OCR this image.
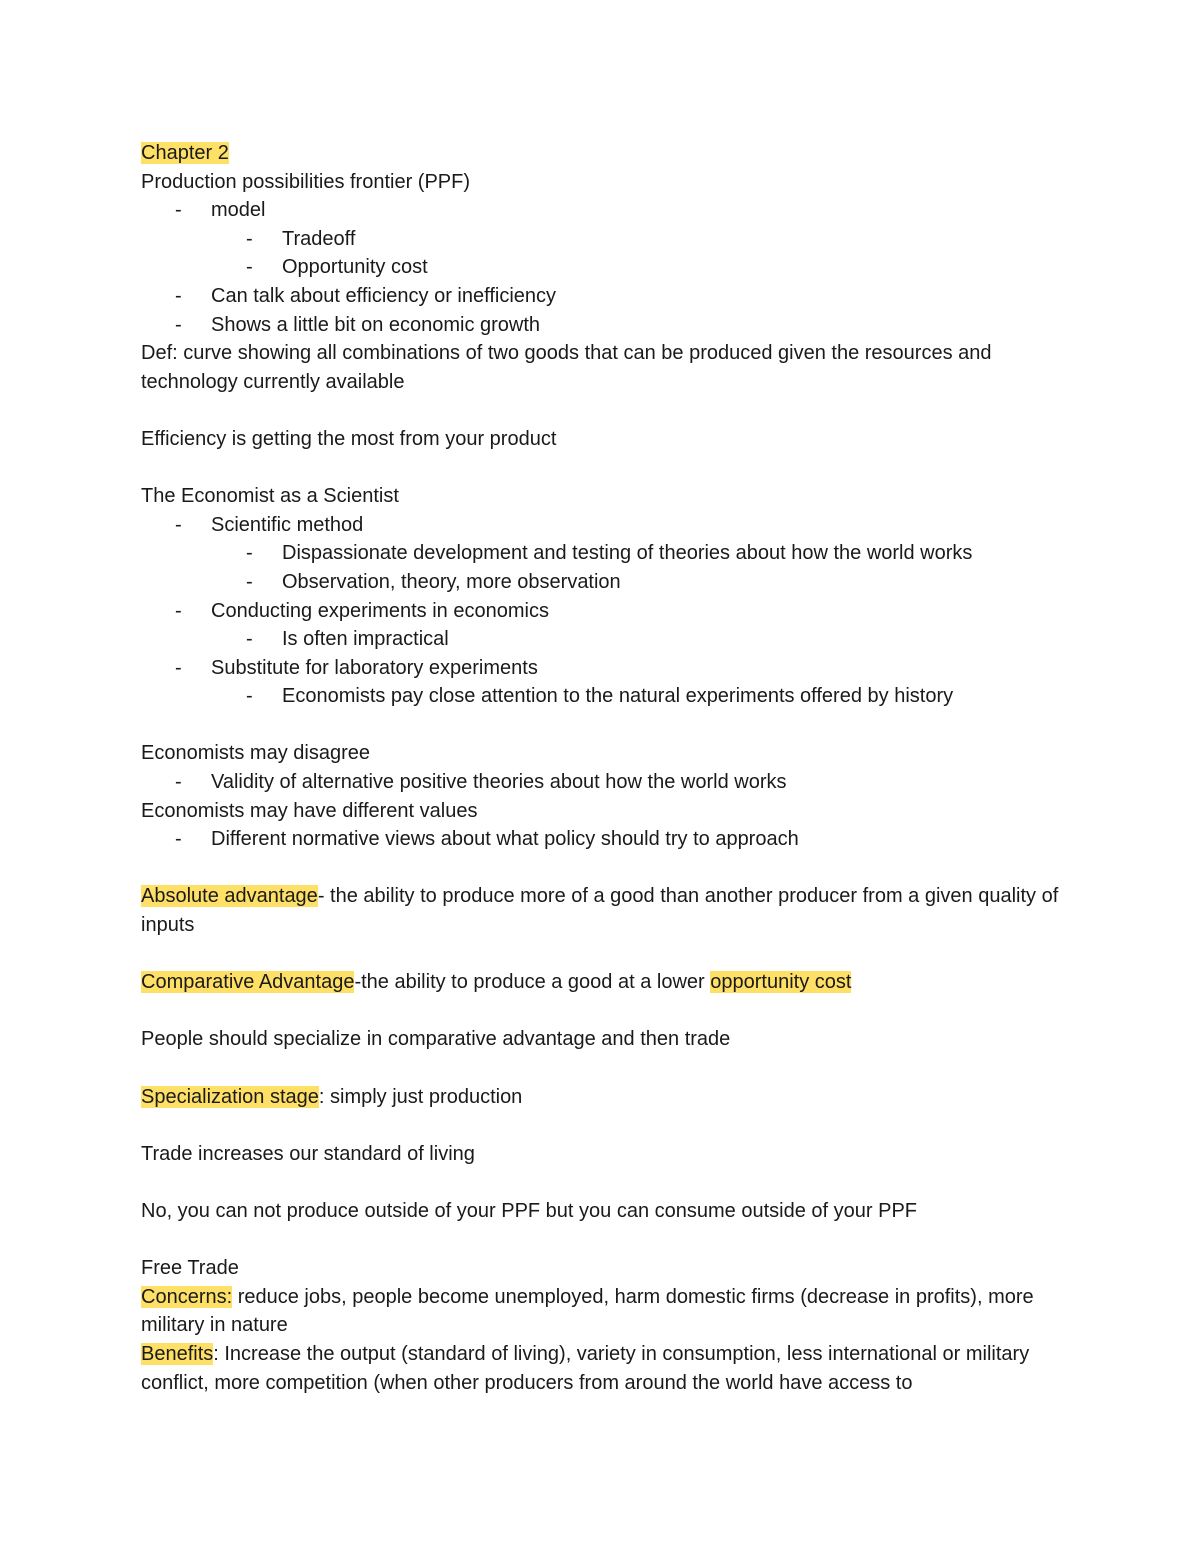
Chapter 2
Production possibilities frontier (PPF)
- model
- Tradeoff
- Opportunity cost
- Can talk about efficiency or inefficiency
- Shows a little bit on economic growth
Def: curve showing all combinations of two goods that can be produced given the resources and technology currently available
Efficiency is getting the most from your product
The Economist as a Scientist
- Scientific method
- Dispassionate development and testing of theories about how the world works
- Observation, theory, more observation
- Conducting experiments in economics
- Is often impractical
- Substitute for laboratory experiments
- Economists pay close attention to the natural experiments offered by history
Economists may disagree
- Validity of alternative positive theories about how the world works
Economists may have different values
- Different normative views about what policy should try to approach
Absolute advantage- the ability to produce more of a good than another producer from a given quality of inputs
Comparative Advantage-the ability to produce a good at a lower opportunity cost
People should specialize in comparative advantage and then trade
Specialization stage: simply just production
Trade increases our standard of living
No, you can not produce outside of your PPF but you can consume outside of your PPF
Free Trade
Concerns: reduce jobs, people become unemployed, harm domestic firms (decrease in profits), more military in nature
Benefits: Increase the output (standard of living), variety in consumption, less international or military conflict, more competition (when other producers from around the world have access to
